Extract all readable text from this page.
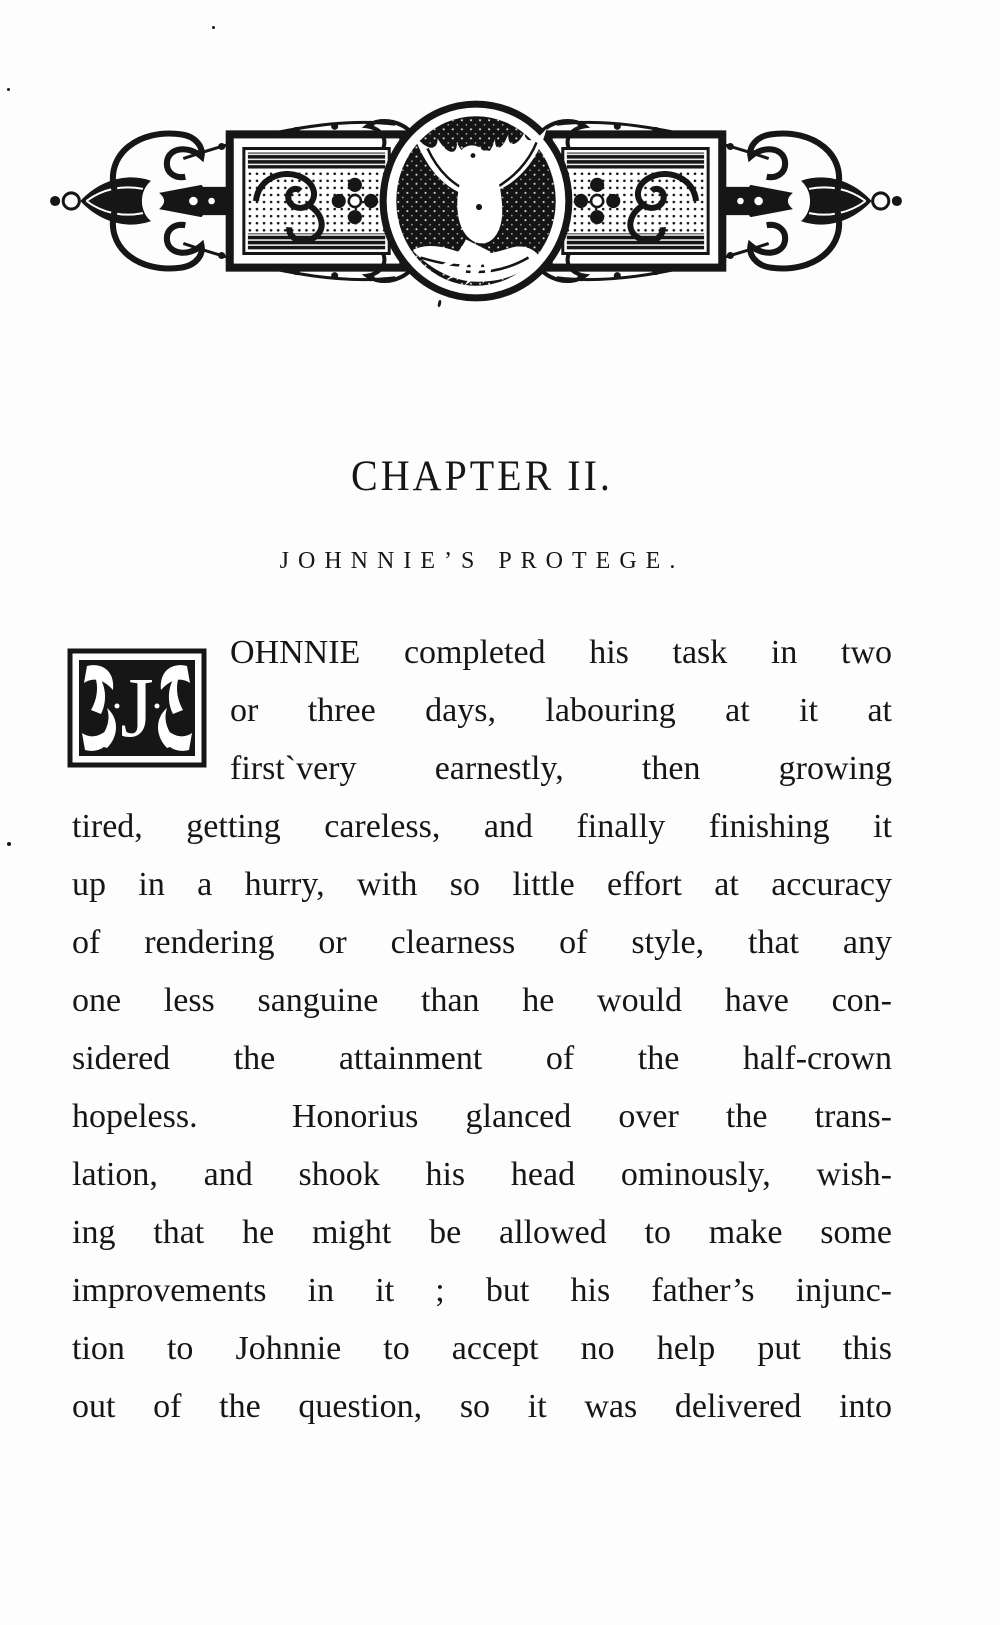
CHAPTER II.
JOHNNIE’S PROTEGE.
J
OHNNIE completed his task in two
or three days, labouring at it at
first`very earnestly, then growing
tired, getting careless, and finally finishing it
up in a hurry, with so little effort at accuracy
of rendering or clearness of style, that any
one less sanguine than he would have con-
sidered the attainment of the half-crown
hopeless.  Honorius glanced over the trans-
lation, and shook his head ominously, wish-
ing that he might be allowed to make some
improvements in it ; but his father’s injunc-
tion to Johnnie to accept no help put this
out of the question, so it was delivered into
